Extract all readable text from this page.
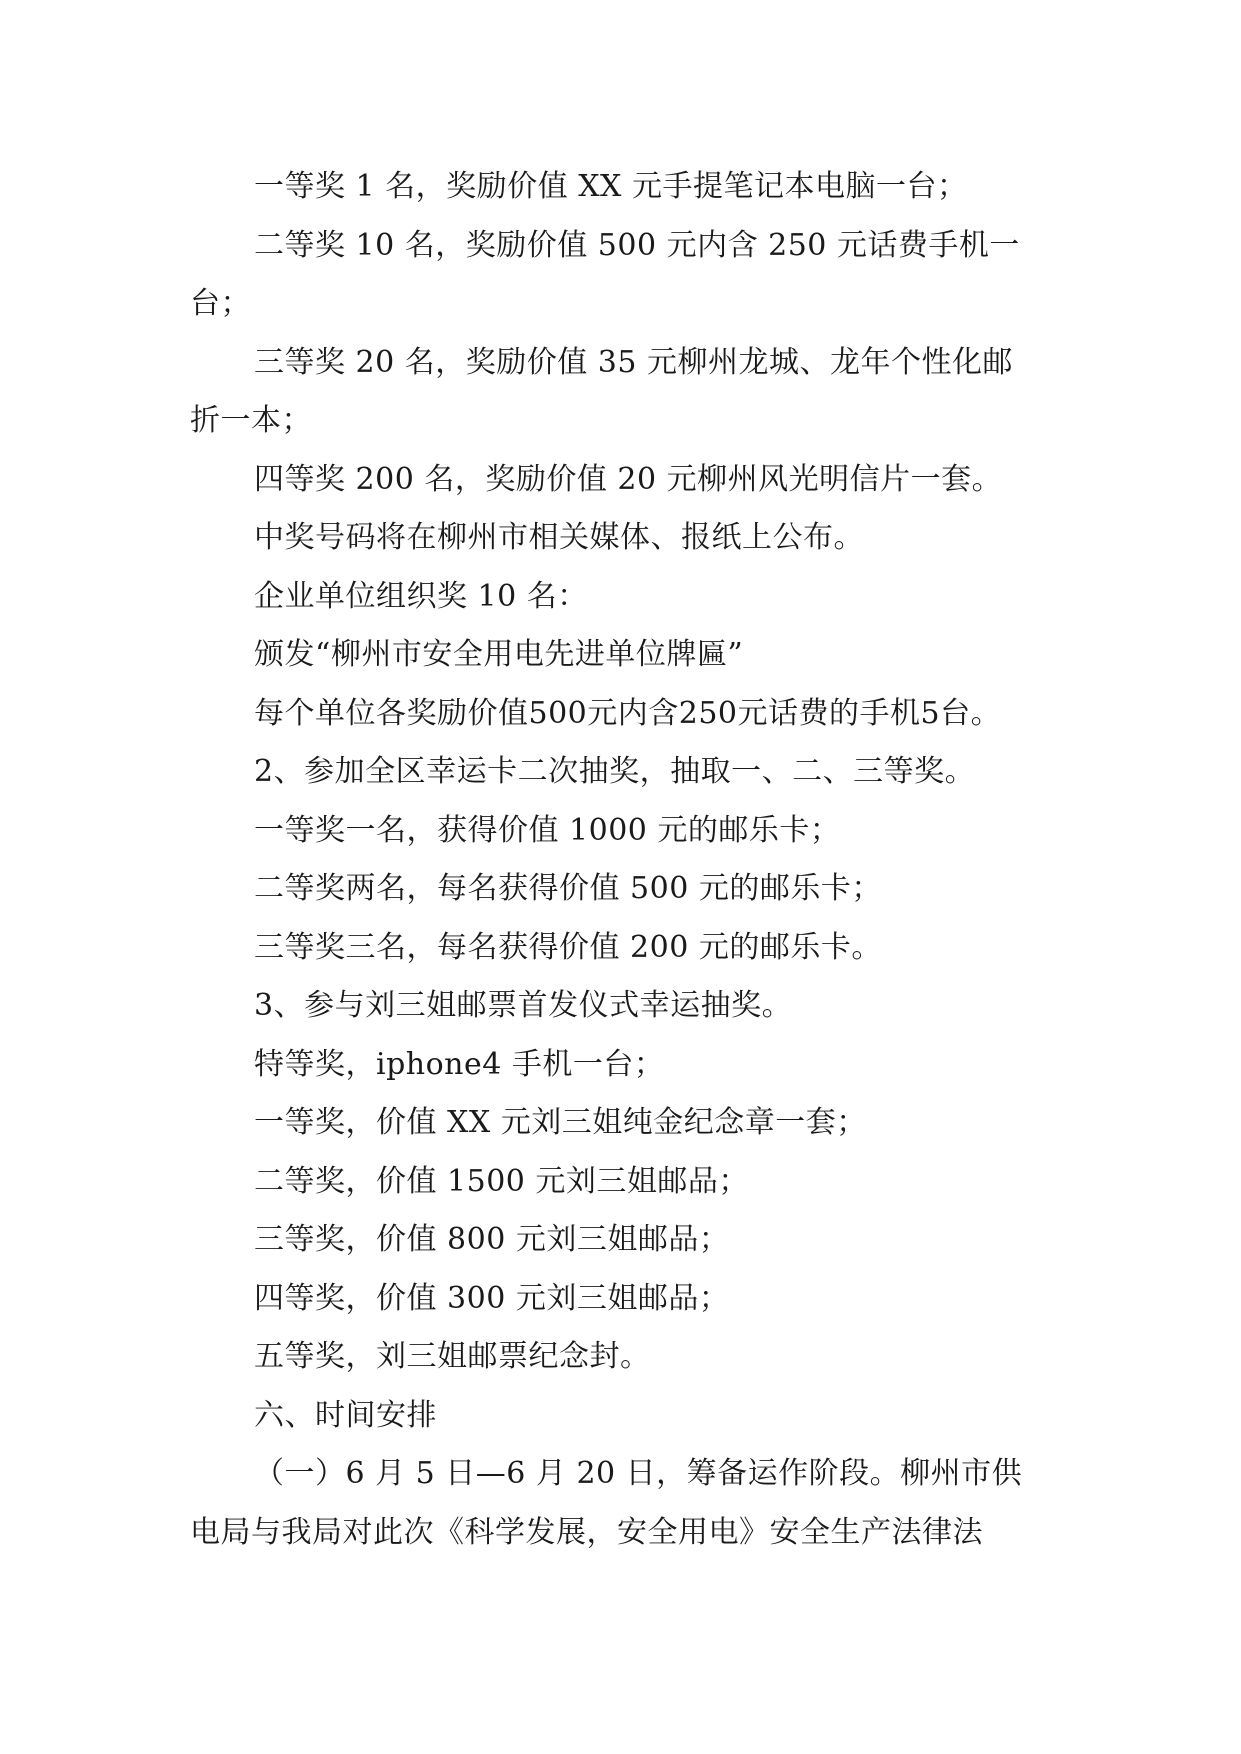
一等奖 1 名，奖励价值 XX 元手提笔记本电脑一台；

二等奖 10 名，奖励价值 500 元内含 250 元话费手机一

台；

三等奖 20 名，奖励价值 35 元柳州龙城、龙年个性化邮

折一本；

四等奖 200 名，奖励价值 20 元柳州风光明信片一套。

中奖号码将在柳州市相关媒体、报纸上公布。

企业单位组织奖 10 名：

颁发“柳州市安全用电先进单位牌匾”

每个单位各奖励价值500元内含250元话费的手机5台。

2、参加全区幸运卡二次抽奖，抽取一、二、三等奖。

一等奖一名，获得价值 1000 元的邮乐卡；

二等奖两名，每名获得价值 500 元的邮乐卡；

三等奖三名，每名获得价值 200 元的邮乐卡。

3、参与刘三姐邮票首发仪式幸运抽奖。

特等奖，iphone4 手机一台；

一等奖，价值 XX 元刘三姐纯金纪念章一套；

二等奖，价值 1500 元刘三姐邮品；

三等奖，价值 800 元刘三姐邮品；

四等奖，价值 300 元刘三姐邮品；

五等奖，刘三姐邮票纪念封。

六、时间安排

（一）6 月 5 日—6 月 20 日，筹备运作阶段。柳州市供

电局与我局对此次《科学发展，安全用电》安全生产法律法
